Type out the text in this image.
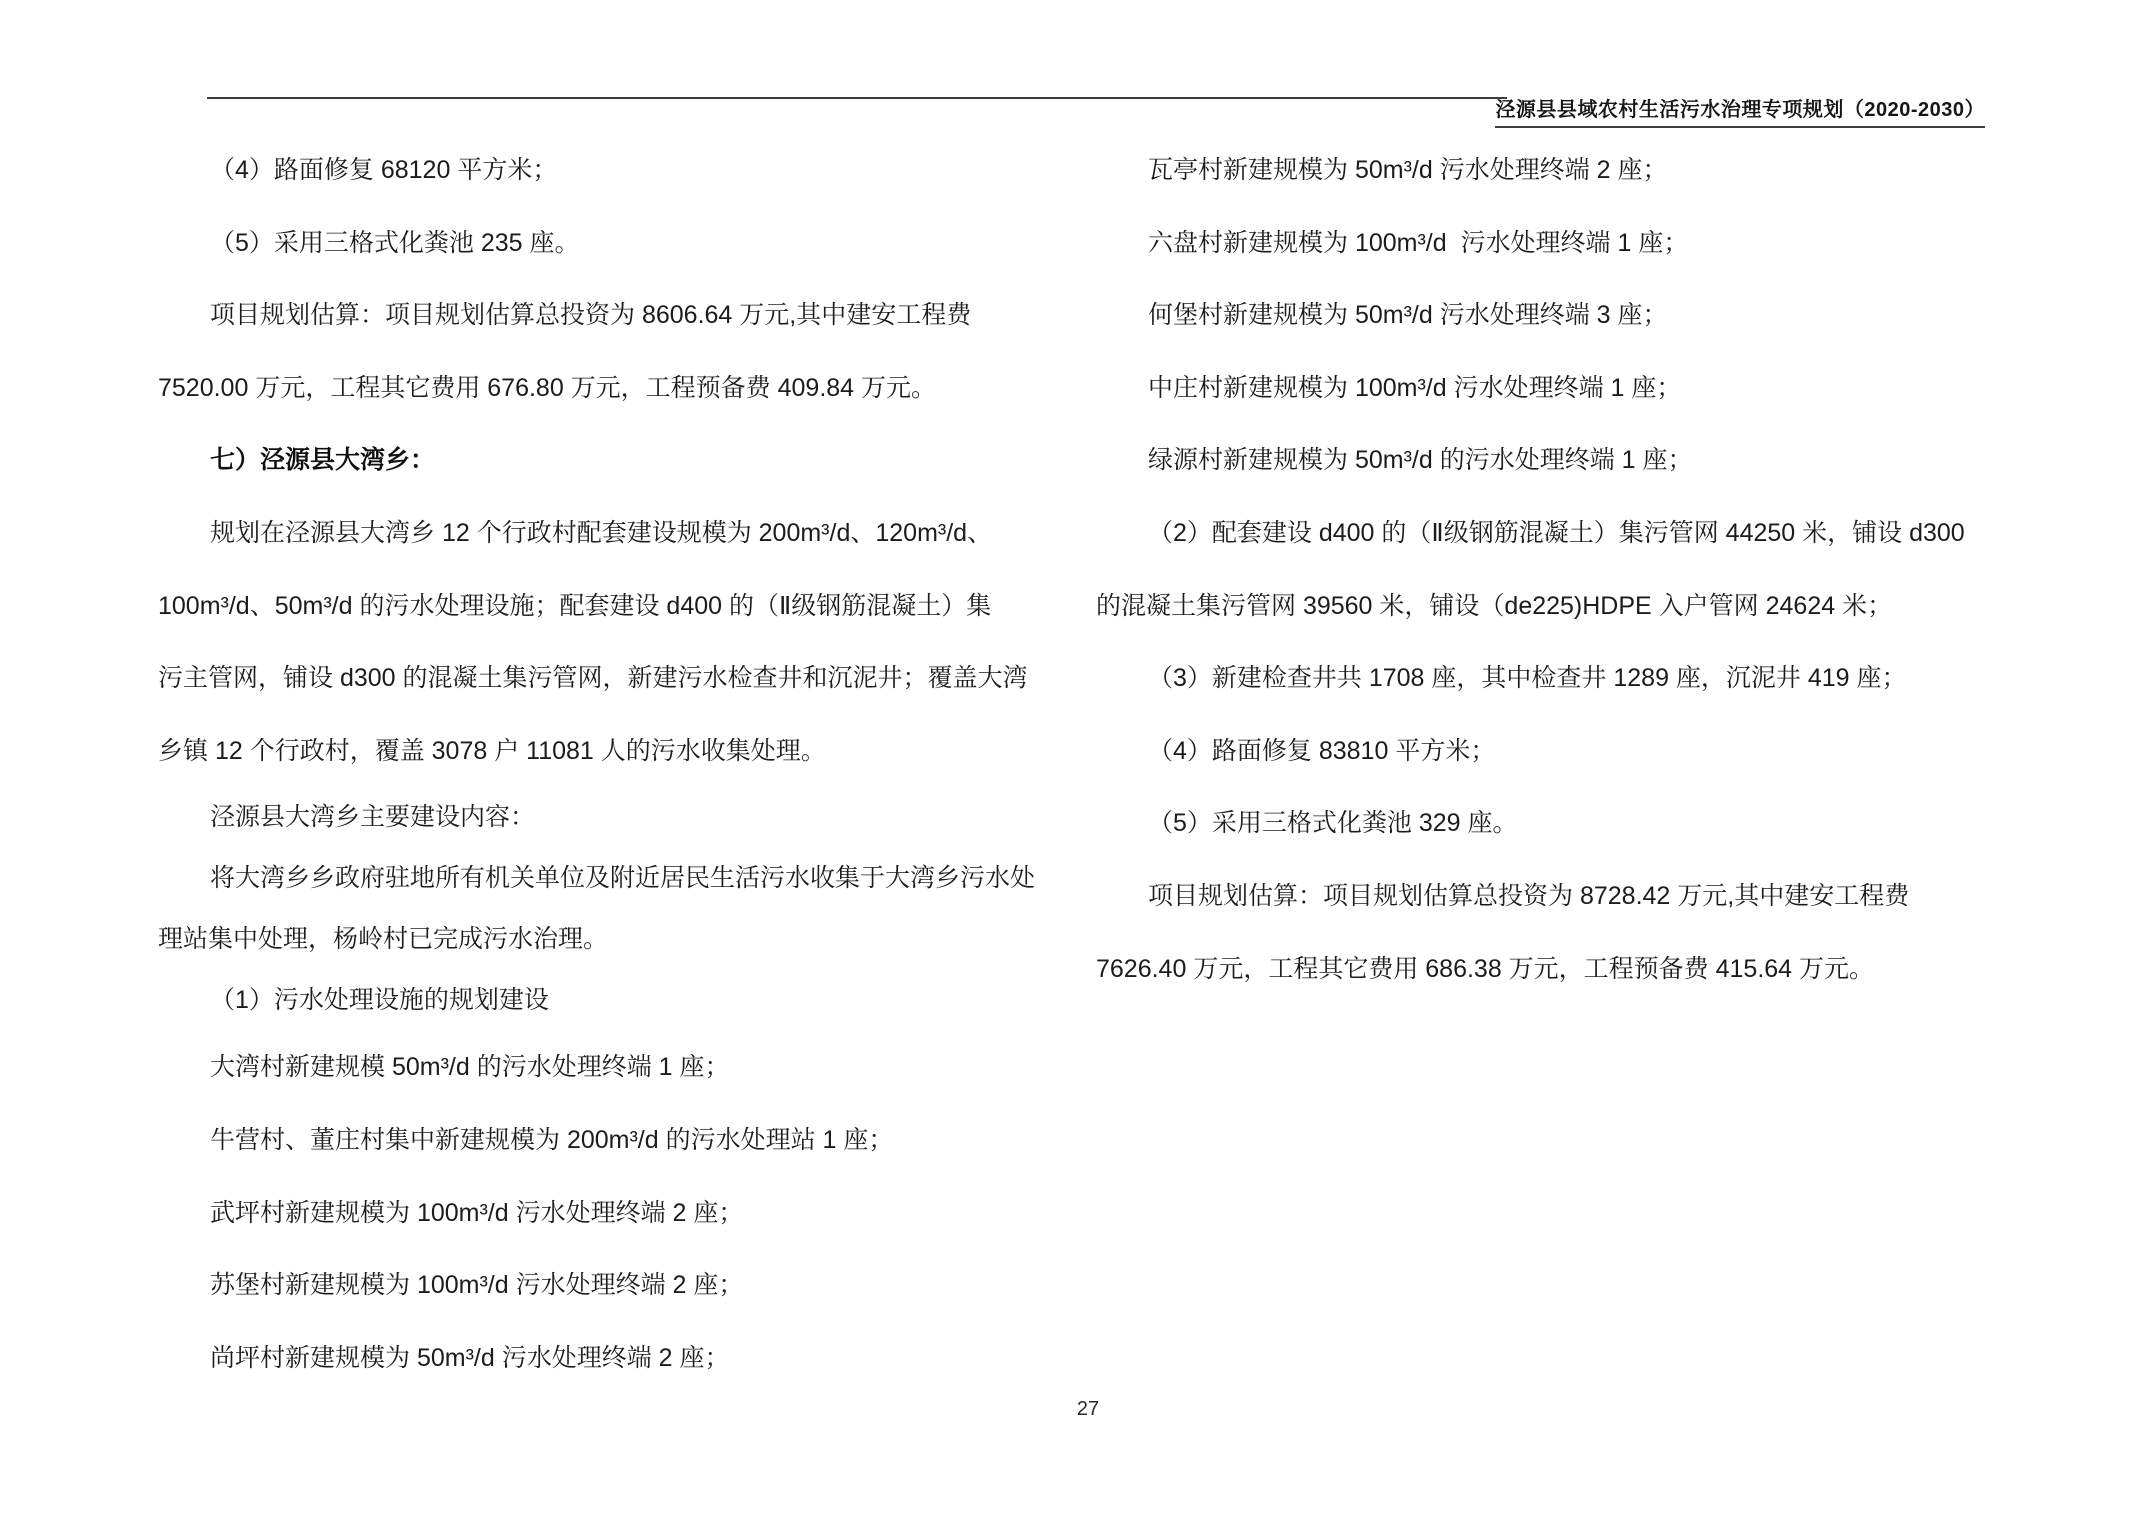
泾源县县域农村生活污水治理专项规划（2020-2030）

（4）路面修复 68120 平方米；
（5）采用三格式化粪池 235 座。
项目规划估算：项目规划估算总投资为 8606.64 万元,其中建安工程费
7520.00 万元，工程其它费用 676.80 万元，工程预备费 409.84 万元。
七）泾源县大湾乡：
规划在泾源县大湾乡 12 个行政村配套建设规模为 200m³/d、120m³/d、
100m³/d、50m³/d 的污水处理设施；配套建设 d400 的（Ⅱ级钢筋混凝土）集
污主管网，铺设 d300 的混凝土集污管网，新建污水检查井和沉泥井；覆盖大湾
乡镇 12 个行政村，覆盖 3078 户 11081 人的污水收集处理。
泾源县大湾乡主要建设内容：
将大湾乡乡政府驻地所有机关单位及附近居民生活污水收集于大湾乡污水处
理站集中处理，杨岭村已完成污水治理。
（1）污水处理设施的规划建设
大湾村新建规模 50m³/d 的污水处理终端 1 座；
牛营村、董庄村集中新建规模为 200m³/d 的污水处理站 1 座；
武坪村新建规模为 100m³/d 污水处理终端 2 座；
苏堡村新建规模为 100m³/d 污水处理终端 2 座；
尚坪村新建规模为 50m³/d 污水处理终端 2 座；
瓦亭村新建规模为 50m³/d 污水处理终端 2 座；
六盘村新建规模为 100m³/d  污水处理终端 1 座；
何堡村新建规模为 50m³/d 污水处理终端 3 座；
中庄村新建规模为 100m³/d 污水处理终端 1 座；
绿源村新建规模为 50m³/d 的污水处理终端 1 座；
（2）配套建设 d400 的（Ⅱ级钢筋混凝土）集污管网 44250 米，铺设 d300
的混凝土集污管网 39560 米，铺设（de225)HDPE 入户管网 24624 米；
（3）新建检查井共 1708 座，其中检查井 1289 座，沉泥井 419 座；
（4）路面修复 83810 平方米；
（5）采用三格式化粪池 329 座。
项目规划估算：项目规划估算总投资为 8728.42 万元,其中建安工程费
7626.40 万元，工程其它费用 686.38 万元，工程预备费 415.64 万元。
27
